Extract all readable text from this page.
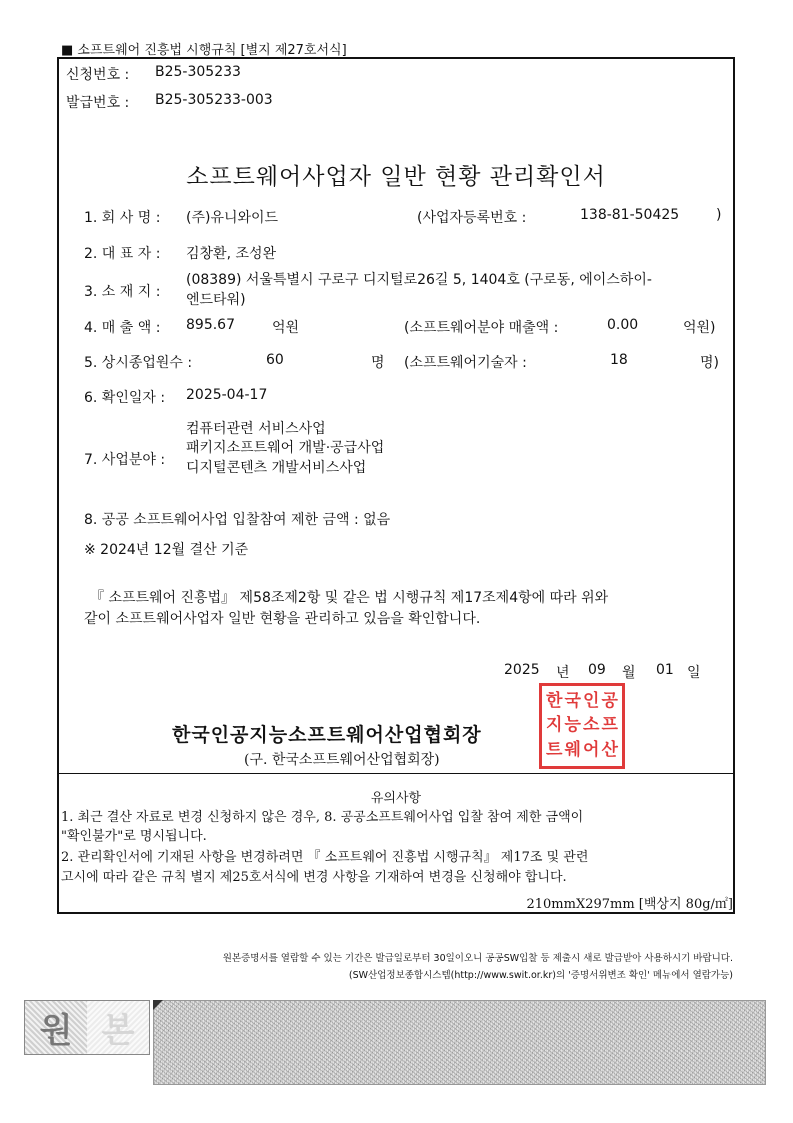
■ 소프트웨어 진흥법 시행규칙 [별지 제27호서식]
신청번호 : B25-305233
발급번호 : B25-305233-003
소프트웨어사업자 일반 현황 관리확인서
1. 회 사 명 : (주)유니와이드	(사업자등록번호 :	138-81-50425	)
2. 대 표 자 : 김창환, 조성완
3. 소 재 지 :
(08389) 서울특별시 구로구 디지털로26길 5, 1404호 (구로동, 에이스하이-
엔드타워)
4. 매 출 액 : 895.67	억원	(소프트웨어분야 매출액 :	0.00	억원)
5. 상시종업원수 :	60	명 (소프트웨어기술자 :	18	명)
6. 확인일자 : 2025-04-17
7. 사업분야 :
컴퓨터관련 서비스사업
패키지소프트웨어 개발·공급사업
디지털콘텐츠 개발서비스사업
8. 공공 소프트웨어사업 입찰참여 제한 금액 : 없음
※ 2024년 12월 결산 기준
『 소프트웨어 진흥법』 제58조제2항 및 같은 법 시행규칙 제17조제4항에 따라 위와
같이 소프트웨어사업자 일반 현황을 관리하고 있음을 확인합니다.
2025 년 09 월 01 일
한국인공지능소프트웨어산업협회장
(구. 한국소프트웨어산업협회장)
한 국 인 공
지 능 소 프
트 웨 어 산
유의사항
1. 최근 결산 자료로 변경 신청하지 않은 경우, 8. 공공소프트웨어사업 입찰 참여 제한 금액이
"확인불가"로 명시됩니다.
2. 관리확인서에 기재된 사항을 변경하려면 『 소프트웨어 진흥법 시행규칙』 제17조 및 관련
고시에 따라 같은 규칙 별지 제25호서식에 변경 사항을 기재하여 변경을 신청해야 합니다.
210mmX297mm [백상지 80g/㎡]
원본증명서를 열람할 수 있는 기간은 발급일로부터 30일이오니 공공SW입찰 등 제출시 새로 발급받아 사용하시기 바랍니다.
(SW산업정보종합시스템(http://www.swit.or.kr)의 '증명서위변조 확인' 메뉴에서 열람가능)
원 본
